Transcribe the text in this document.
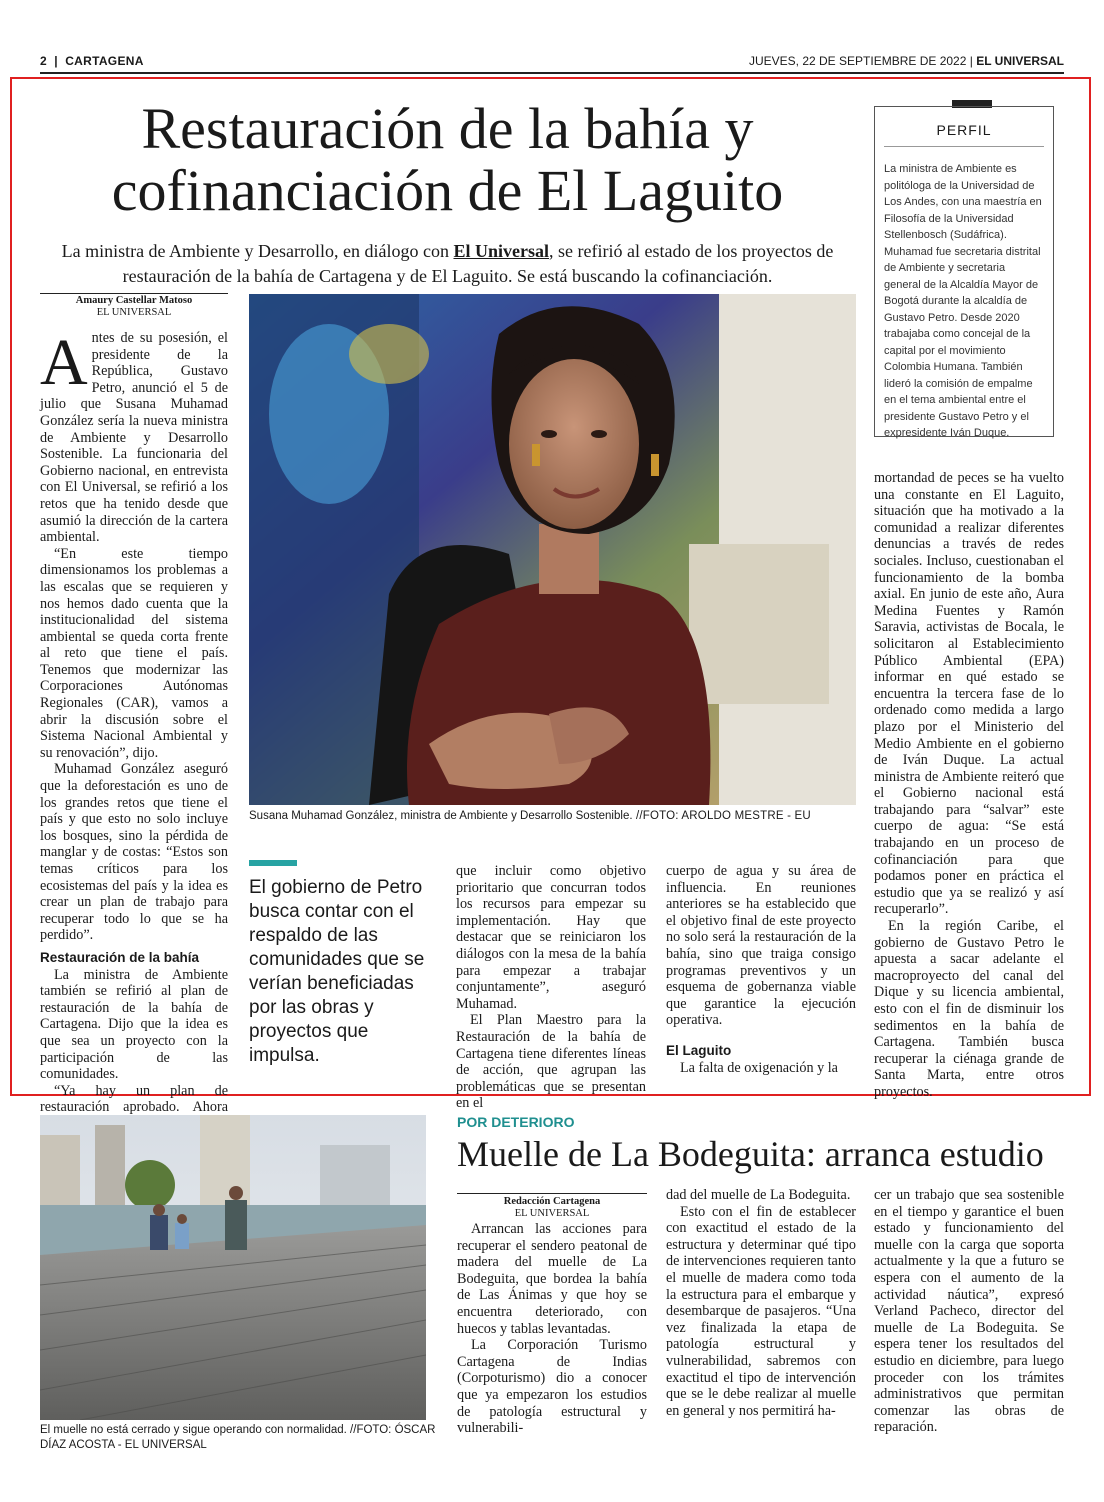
2  |  CARTAGENA	JUEVES, 22 DE SEPTIEMBRE DE 2022 | EL UNIVERSAL
Restauración de la bahía y
cofinanciación de El Laguito
La ministra de Ambiente y Desarrollo, en diálogo con El Universal, se refirió al estado de los proyectos de restauración de la bahía de Cartagena y de El Laguito. Se está buscando la cofinanciación.
PERFIL
La ministra de Ambiente es politóloga de la Universidad de Los Andes, con una maestría en Filosofía de la Universidad Stellenbosch (Sudáfrica). Muhamad fue secretaria distrital de Ambiente y secretaria general de la Alcaldía Mayor de Bogotá durante la alcaldía de Gustavo Petro. Desde 2020 trabajaba como concejal de la capital por el movimiento Colombia Humana. También lideró la comisión de empalme en el tema ambiental entre el presidente Gustavo Petro y el expresidente Iván Duque.
Amaury Castellar Matoso
EL UNIVERSAL

Antes de su posesión, el presidente de la República, Gustavo Petro, anunció el 5 de julio que Susana Muhamad González sería la nueva ministra de Ambiente y Desarrollo Sostenible. La funcionaria del Gobierno nacional, en entrevista con El Universal, se refirió a los retos que ha tenido desde que asumió la dirección de la cartera ambiental.

“En este tiempo dimensionamos los problemas a las escalas que se requieren y nos hemos dado cuenta que la institucionalidad del sistema ambiental se queda corta frente al reto que tiene el país. Tenemos que modernizar las Corporaciones Autónomas Regionales (CAR), vamos a abrir la discusión sobre el Sistema Nacional Ambiental y su renovación”, dijo.

Muhamad González aseguró que la deforestación es uno de los grandes retos que tiene el país y que esto no solo incluye los bosques, sino la pérdida de manglar y de costas: “Estos son temas críticos para los ecosistemas del país y la idea es crear un plan de trabajo para recuperar todo lo que se ha perdido”.

Restauración de la bahía

La ministra de Ambiente también se refirió al plan de restauración de la bahía de Cartagena. Dijo que la idea es que sea un proyecto con la participación de las comunidades.

“Ya hay un plan de restauración aprobado. Ahora

Susana Muhamad González, ministra de Ambiente y Desarrollo Sostenible. //FOTO: AROLDO MESTRE - EU
El gobierno de Petro busca contar con el respaldo de las comunidades que se verían beneficiadas por las obras y proyectos que impulsa.

que incluir como objetivo prioritario que concurran todos los recursos para empezar su implementación. Hay que destacar que se reiniciaron los diálogos con la mesa de la bahía para empezar a trabajar conjuntamente”, aseguró Muhamad.

El Plan Maestro para la Restauración de la bahía de Cartagena tiene diferentes líneas de acción, que agrupan las problemáticas que se presentan en el

cuerpo de agua y su área de influencia. En reuniones anteriores se ha establecido que el objetivo final de este proyecto no solo será la restauración de la bahía, sino que traiga consigo programas preventivos y un esquema de gobernanza viable que garantice la ejecución operativa.

El Laguito

La falta de oxigenación y la

mortandad de peces se ha vuelto una constante en El Laguito, situación que ha motivado a la comunidad a realizar diferentes denuncias a través de redes sociales. Incluso, cuestionaban el funcionamiento de la bomba axial. En junio de este año, Aura Medina Fuentes y Ramón Saravia, activistas de Bocala, le solicitaron al Establecimiento Público Ambiental (EPA) informar en qué estado se encuentra la tercera fase de lo ordenado como medida a largo plazo por el Ministerio del Medio Ambiente en el gobierno de Iván Duque. La actual ministra de Ambiente reiteró que el Gobierno nacional está trabajando para “salvar” este cuerpo de agua: “Se está trabajando en un proceso de cofinanciación para que podamos poner en práctica el estudio que ya se realizó y así recuperarlo”.

En la región Caribe, el gobierno de Gustavo Petro le apuesta a sacar adelante el macroproyecto del canal del Dique y su licencia ambiental, esto con el fin de disminuir los sedimentos en la bahía de Cartagena. También busca recuperar la ciénaga grande de Santa Marta, entre otros proyectos.

El muelle no está cerrado y sigue operando con normalidad. //FOTO: ÓSCAR DÍAZ ACOSTA - EL UNIVERSAL
POR DETERIORO
Muelle de La Bodeguita: arranca estudio
Redacción Cartagena
EL UNIVERSAL

Arrancan las acciones para recuperar el sendero peatonal de madera del muelle de La Bodeguita, que bordea la bahía de Las Ánimas y que hoy se encuentra deteriorado, con huecos y tablas levantadas.

La Corporación Turismo Cartagena de Indias (Corpoturismo) dio a conocer que ya empezaron los estudios de patología estructural y vulnerabili-

dad del muelle de La Bodeguita.

Esto con el fin de establecer con exactitud el estado de la estructura y determinar qué tipo de intervenciones requieren tanto el muelle de madera como toda la estructura para el embarque y desembarque de pasajeros. “Una vez finalizada la etapa de patología estructural y vulnerabilidad, sabremos con exactitud el tipo de intervención que se le debe realizar al muelle en general y nos permitirá ha-

cer un trabajo que sea sostenible en el tiempo y garantice el buen estado y funcionamiento del muelle con la carga que soporta actualmente y la que a futuro se espera con el aumento de la actividad náutica”, expresó Verland Pacheco, director del muelle de La Bodeguita. Se espera tener los resultados del estudio en diciembre, para luego proceder con los trámites administrativos que permitan comenzar las obras de reparación.
